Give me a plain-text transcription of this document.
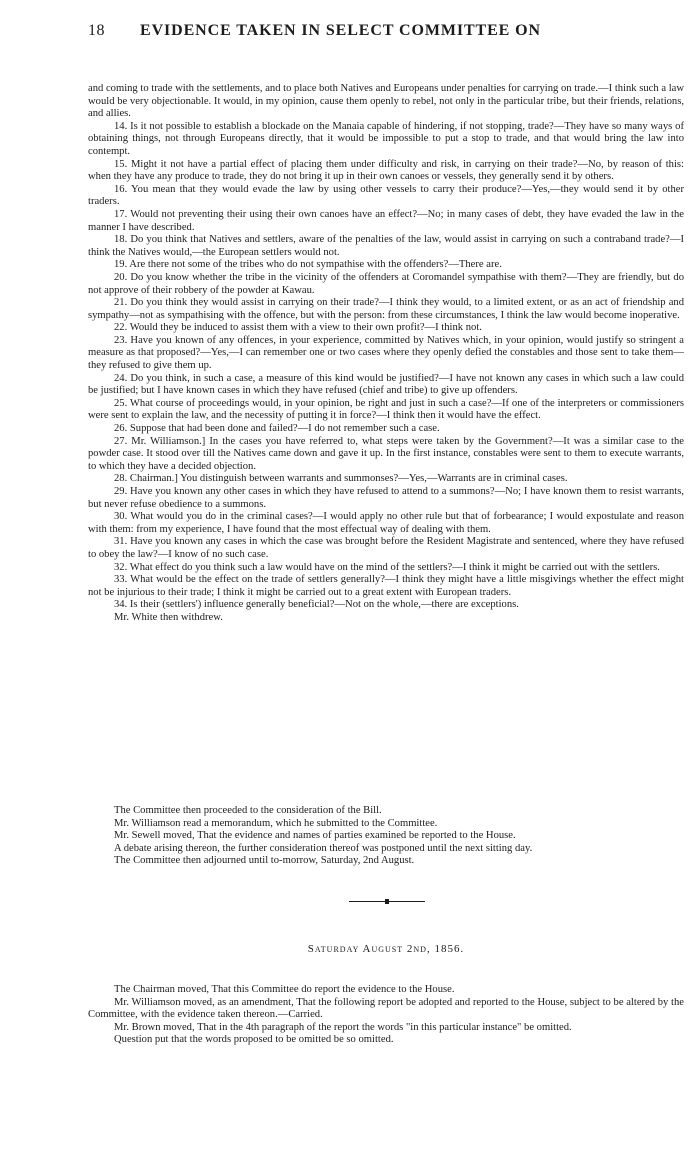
18 EVIDENCE TAKEN IN SELECT COMMITTEE ON

and coming to trade with the settlements, and to place both Natives and Europeans under penalties for carrying on trade.—I think such a law would be very objectionable. It would, in my opinion, cause them openly to rebel, not only in the particular tribe, but their friends, relations, and allies.

14. Is it not possible to establish a blockade on the Manaia capable of hindering, if not stopping, trade?—They have so many ways of obtaining things, not through Europeans directly, that it would be impossible to put a stop to trade, and that would bring the law into contempt.

15. Might it not have a partial effect of placing them under difficulty and risk, in carrying on their trade?—No, by reason of this: when they have any produce to trade, they do not bring it up in their own canoes or vessels, they generally send it by others.

16. You mean that they would evade the law by using other vessels to carry their produce?—Yes,—they would send it by other traders.

17. Would not preventing their using their own canoes have an effect?—No; in many cases of debt, they have evaded the law in the manner I have described.

18. Do you think that Natives and settlers, aware of the penalties of the law, would assist in carrying on such a contraband trade?—I think the Natives would,—the European settlers would not.

19. Are there not some of the tribes who do not sympathise with the offenders?—There are.

20. Do you know whether the tribe in the vicinity of the offenders at Coromandel sympathise with them?—They are friendly, but do not approve of their robbery of the powder at Kawau.

21. Do you think they would assist in carrying on their trade?—I think they would, to a limited extent, or as an act of friendship and sympathy—not as sympathising with the offence, but with the person: from these circumstances, I think the law would become inoperative.

22. Would they be induced to assist them with a view to their own profit?—I think not.

23. Have you known of any offences, in your experience, committed by Natives which, in your opinion, would justify so stringent a measure as that proposed?—Yes,—I can remember one or two cases where they openly defied the constables and those sent to take them—they refused to give them up.

24. Do you think, in such a case, a measure of this kind would be justified?—I have not known any cases in which such a law could be justified; but I have known cases in which they have refused (chief and tribe) to give up offenders.

25. What course of proceedings would, in your opinion, be right and just in such a case?—If one of the interpreters or commissioners were sent to explain the law, and the necessity of putting it in force?—I think then it would have the effect.

26. Suppose that had been done and failed?—I do not remember such a case.

27. Mr. Williamson.] In the cases you have referred to, what steps were taken by the Government?—It was a similar case to the powder case. It stood over till the Natives came down and gave it up. In the first instance, constables were sent to them to execute warrants, to which they have a decided objection.

28. Chairman.] You distinguish between warrants and summonses?—Yes,—Warrants are in criminal cases.

29. Have you known any other cases in which they have refused to attend to a summons?—No; I have known them to resist warrants, but never refuse obedience to a summons.

30. What would you do in the criminal cases?—I would apply no other rule but that of forbearance; I would expostulate and reason with them: from my experience, I have found that the most effectual way of dealing with them.

31. Have you known any cases in which the case was brought before the Resident Magistrate and sentenced, where they have refused to obey the law?—I know of no such case.

32. What effect do you think such a law would have on the mind of the settlers?—I think it might be carried out with the settlers.

33. What would be the effect on the trade of settlers generally?—I think they might have a little misgivings whether the effect might not be injurious to their trade; I think it might be carried out to a great extent with European traders.

34. Is their (settlers') influence generally beneficial?—Not on the whole,—there are exceptions.

Mr. White then withdrew.

The Committee then proceeded to the consideration of the Bill.

Mr. Williamson read a memorandum, which he submitted to the Committee.

Mr. Sewell moved, That the evidence and names of parties examined be reported to the House.

A debate arising thereon, the further consideration thereof was postponed until the next sitting day.

The Committee then adjourned until to-morrow, Saturday, 2nd August.

Saturday August 2nd, 1856.

The Chairman moved, That this Committee do report the evidence to the House.

Mr. Williamson moved, as an amendment, That the following report be adopted and reported to the House, subject to be altered by the Committee, with the evidence taken thereon.—Carried.

Mr. Brown moved, That in the 4th paragraph of the report the words "in this particular instance" be omitted.

Question put that the words proposed to be omitted be so omitted.
